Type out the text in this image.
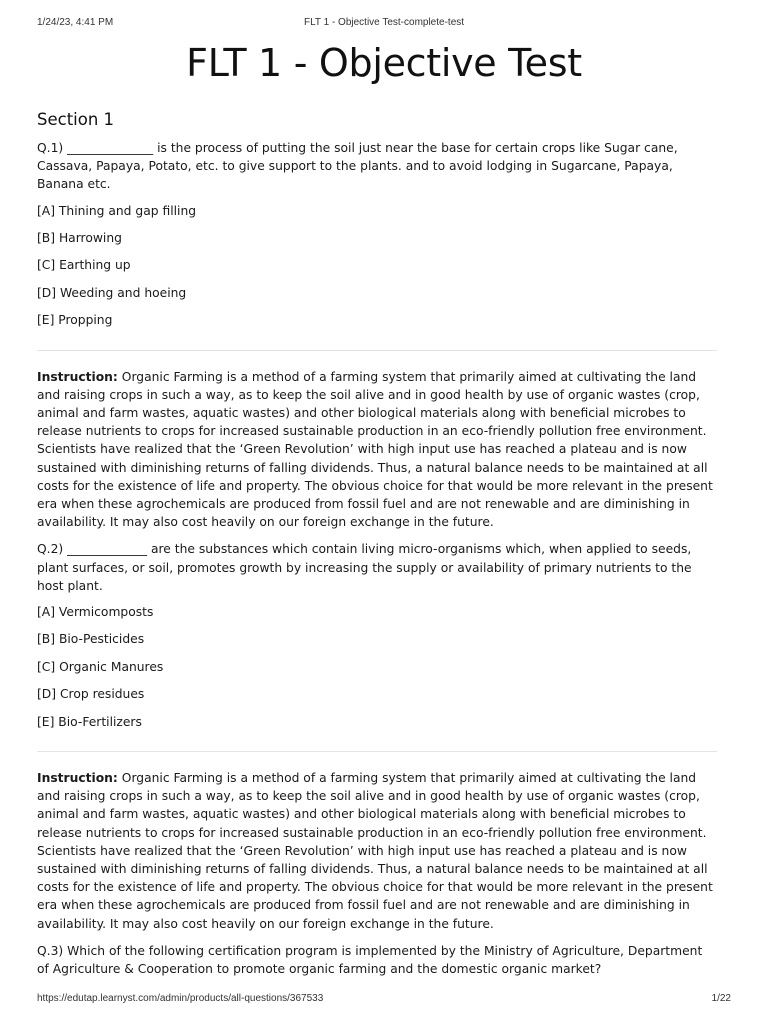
1/24/23, 4:41 PM	FLT 1 - Objective Test-complete-test
FLT 1 - Objective Test
Section 1

Q.1) ______________ is the process of putting the soil just near the base for certain crops like Sugar cane, Cassava, Papaya, Potato, etc. to give support to the plants. and to avoid lodging in Sugarcane, Papaya, Banana etc.

[A] Thining and gap filling

[B] Harrowing

[C] Earthing up

[D] Weeding and hoeing

[E] Propping

Instruction: Organic Farming is a method of a farming system that primarily aimed at cultivating the land and raising crops in such a way, as to keep the soil alive and in good health by use of organic wastes (crop, animal and farm wastes, aquatic wastes) and other biological materials along with beneficial microbes to release nutrients to crops for increased sustainable production in an eco-friendly pollution free environment. Scientists have realized that the ‘Green Revolution’ with high input use has reached a plateau and is now sustained with diminishing returns of falling dividends. Thus, a natural balance needs to be maintained at all costs for the existence of life and property. The obvious choice for that would be more relevant in the present era when these agrochemicals are produced from fossil fuel and are not renewable and are diminishing in availability. It may also cost heavily on our foreign exchange in the future.

Q.2) _____________ are the substances which contain living micro-organisms which, when applied to seeds, plant surfaces, or soil, promotes growth by increasing the supply or availability of primary nutrients to the host plant.

[A] Vermicomposts

[B] Bio-Pesticides

[C] Organic Manures

[D] Crop residues

[E] Bio-Fertilizers

Instruction: Organic Farming is a method of a farming system that primarily aimed at cultivating the land and raising crops in such a way, as to keep the soil alive and in good health by use of organic wastes (crop, animal and farm wastes, aquatic wastes) and other biological materials along with beneficial microbes to release nutrients to crops for increased sustainable production in an eco-friendly pollution free environment. Scientists have realized that the ‘Green Revolution’ with high input use has reached a plateau and is now sustained with diminishing returns of falling dividends. Thus, a natural balance needs to be maintained at all costs for the existence of life and property. The obvious choice for that would be more relevant in the present era when these agrochemicals are produced from fossil fuel and are not renewable and are diminishing in availability. It may also cost heavily on our foreign exchange in the future.

Q.3) Which of the following certification program is implemented by the Ministry of Agriculture, Department of Agriculture & Cooperation to promote organic farming and the domestic organic market?

https://edutap.learnyst.com/admin/products/all-questions/367533	1/22
